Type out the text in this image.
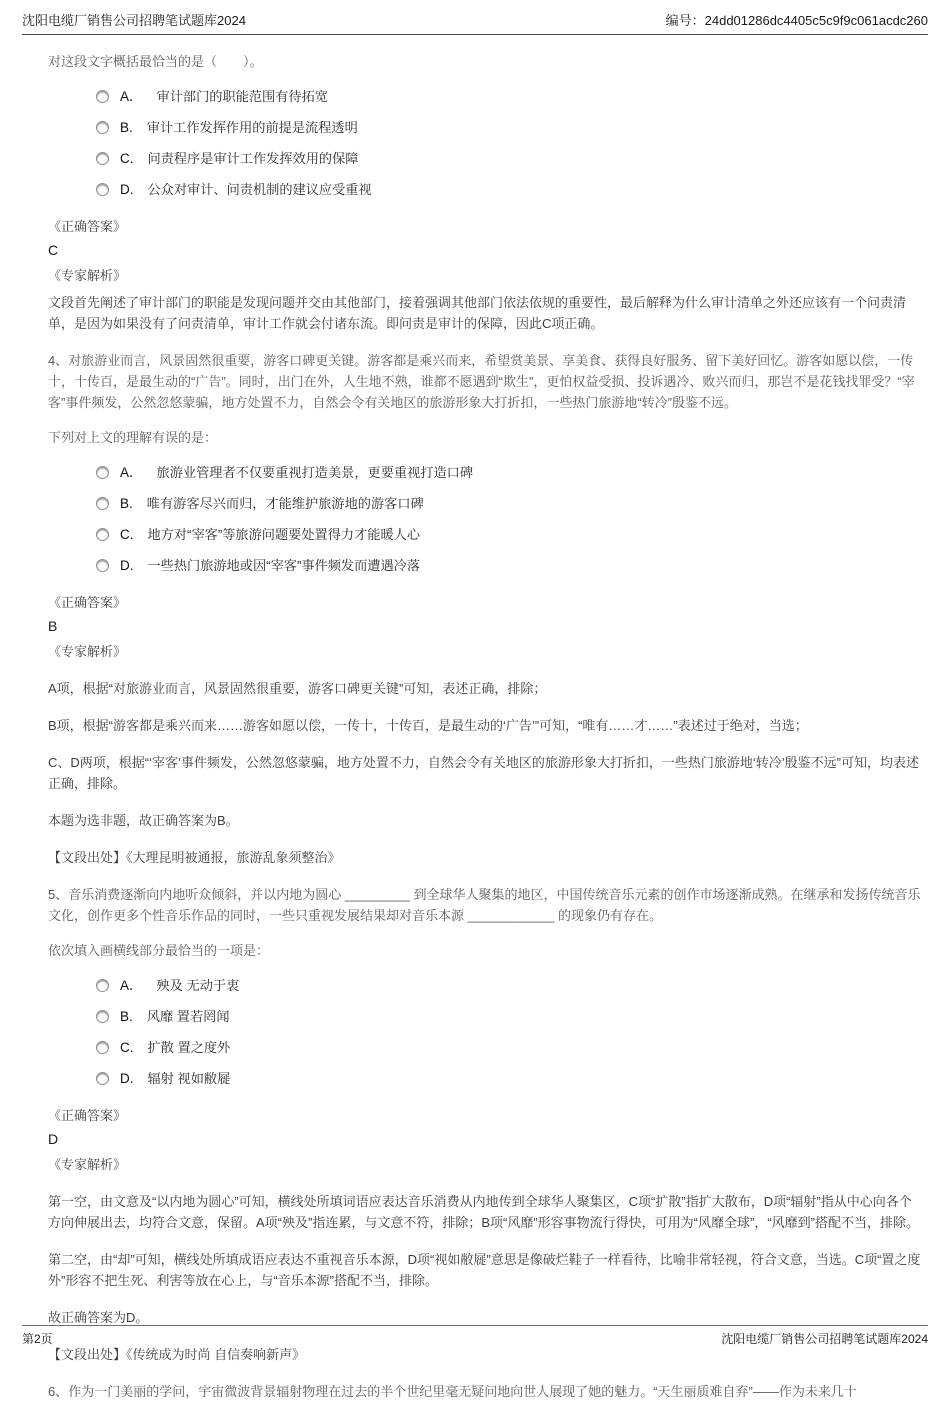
沈阳电缆厂销售公司招聘笔试题库2024	编号：24dd01286dc4405c5c9f9c061acdc260
对这段文字概括最恰当的是（　　）。
A． 审计部门的职能范围有待拓宽
B. 审计工作发挥作用的前提是流程透明
C. 问责程序是审计工作发挥效用的保障
D. 公众对审计、问责机制的建议应受重视
《正确答案》
C
《专家解析》
文段首先阐述了审计部门的职能是发现问题并交由其他部门，接着强调其他部门依法依规的重要性，最后解释为什么审计清单之外还应该有一个问责清单，是因为如果没有了问责清单，审计工作就会付诸东流。即问责是审计的保障，因此C项正确。
4、对旅游业而言，风景固然很重要，游客口碑更关键。游客都是乘兴而来，希望赏美景、享美食、获得良好服务、留下美好回忆。游客如愿以偿，一传十，十传百，是最生动的“广告”。同时，出门在外，人生地不熟，谁都不愿遇到“欺生”，更怕权益受损、投诉遇冷、败兴而归，那岂不是花钱找罪受？“宰客”事件频发，公然忽悠蒙骗，地方处置不力，自然会令有关地区的旅游形象大打折扣，一些热门旅游地“转冷”殷鉴不远。
下列对上文的理解有误的是：
A． 旅游业管理者不仅要重视打造美景，更要重视打造口碑
B. 唯有游客尽兴而归，才能维护旅游地的游客口碑
C. 地方对“宰客”等旅游问题要处置得力才能暖人心
D. 一些热门旅游地或因“宰客”事件频发而遭遇冷落
《正确答案》
B
《专家解析》
A项，根据“对旅游业而言，风景固然很重要，游客口碑更关键”可知，表述正确，排除；
B项，根据“游客都是乘兴而来……游客如愿以偿，一传十，十传百，是最生动的‘广告’”可知，“唯有……才……”表述过于绝对，当选；
C、D两项，根据“‘宰客’事件频发，公然忽悠蒙骗，地方处置不力，自然会令有关地区的旅游形象大打折扣，一些热门旅游地‘转冷’殷鉴不远”可知，均表述正确，排除。
本题为选非题，故正确答案为B。
【文段出处】《大理昆明被通报，旅游乱象须整治》
5、音乐消费逐渐向内地听众倾斜，并以内地为圆心 _________ 到全球华人聚集的地区，中国传统音乐元素的创作市场逐渐成熟。在继承和发扬传统音乐文化，创作更多个性音乐作品的同时，一些只重视发展结果却对音乐本源 ____________ 的现象仍有存在。
依次填入画横线部分最恰当的一项是：
A． 殃及 无动于衷
B. 风靡 置若罔闻
C. 扩散 置之度外
D. 辐射 视如敝屣
《正确答案》
D
《专家解析》
第一空，由文意及“以内地为圆心”可知，横线处所填词语应表达音乐消费从内地传到全球华人聚集区，C项“扩散”指扩大散布，D项“辐射”指从中心向各个方向伸展出去，均符合文意，保留。A项“殃及”指连累，与文意不符，排除；B项“风靡”形容事物流行得快，可用为“风靡全球”，“风靡到”搭配不当，排除。
第二空，由“却”可知，横线处所填成语应表达不重视音乐本源，D项“视如敝屣”意思是像破烂鞋子一样看待，比喻非常轻视，符合文意，当选。C项“置之度外”形容不把生死、利害等放在心上，与“音乐本源”搭配不当，排除。
故正确答案为D。
【文段出处】《传统成为时尚 自信奏响新声》
6、作为一门美丽的学问，宇宙微波背景辐射物理在过去的半个世纪里毫无疑问地向世人展现了她的魅力。“天生丽质难自弃”——作为未来几十
第2页	沈阳电缆厂销售公司招聘笔试题库2024
